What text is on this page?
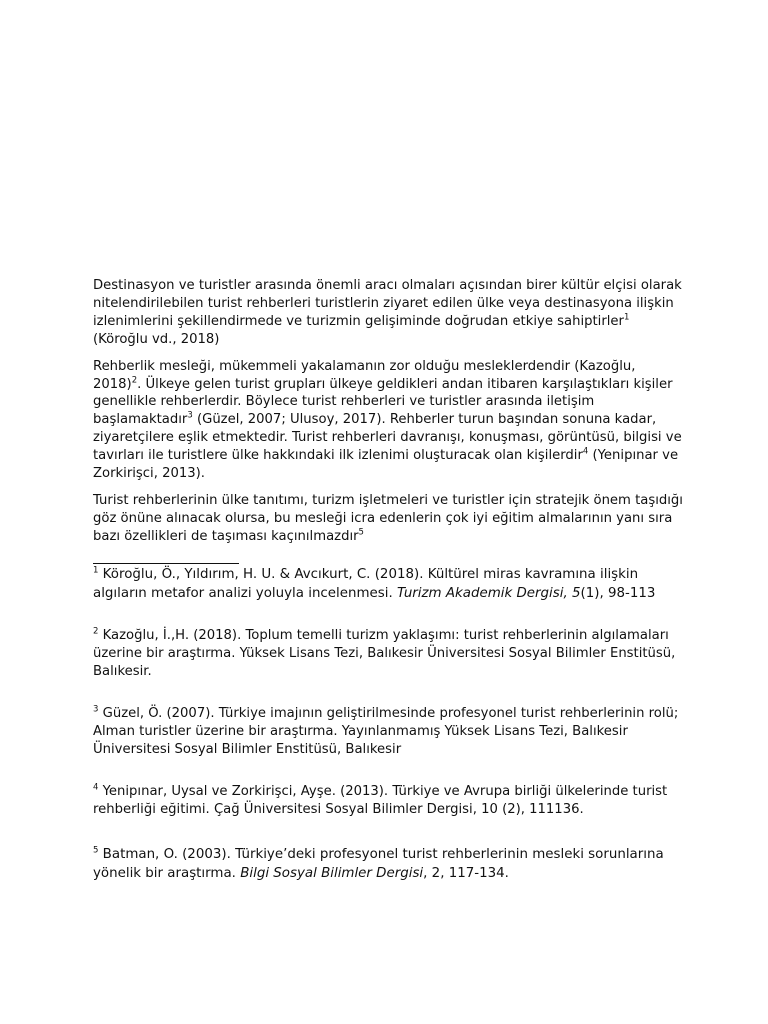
Destinasyon ve turistler arasında önemli aracı olmaları açısından birer kültür elçisi olarak nitelendirilebilen turist rehberleri turistlerin ziyaret edilen ülke veya destinasyona ilişkin izlenimlerini şekillendirmede ve turizmin gelişiminde doğrudan etkiye sahiptirler$^1$ (Köroğlu vd., 2018)

Rehberlik mesleği, mükemmeli yakalamanın zor olduğu mesleklerdendir (Kazoğlu, 2018)$^2$. Ülkeye gelen turist grupları ülkeye geldikleri andan itibaren karşılaştıkları kişiler genellikle rehberlerdir. Böylece turist rehberleri ve turistler arasında iletişim başlamaktadır$^3$ (Güzel, 2007; Ulusoy, 2017). Rehberler turun başından sonuna kadar, ziyaretçilere eşlik etmektedir. Turist rehberleri davranışı, konuşması, görüntüsü, bilgisi ve tavırları ile turistlere ülke hakkındaki ilk izlenimi oluşturacak olan kişilerdir$^4$ (Yenipınar ve Zorkirişci, 2013).

Turist rehberlerinin ülke tanıtımı, turizm işletmeleri ve turistler için stratejik önem taşıdığı göz önüne alınacak olursa, bu mesleği icra edenlerin çok iyi eğitim almalarının yanı sıra bazı özellikleri de taşıması kaçınılmazdır$^5$

$^1$ Köroğlu, Ö., Yıldırım, H. U. & Avcıkurt, C. (2018). Kültürel miras kavramına ilişkin algıların metafor analizi yoluyla incelenmesi. Turizm Akademik Dergisi, 5(1), 98-113

$^2$ Kazoğlu, İ.,H. (2018). Toplum temelli turizm yaklaşımı: turist rehberlerinin algılamaları üzerine bir araştırma. Yüksek Lisans Tezi, Balıkesir Üniversitesi Sosyal Bilimler Enstitüsü, Balıkesir.

$^3$ Güzel, Ö. (2007). Türkiye imajının geliştirilmesinde profesyonel turist rehberlerinin rolü; Alman turistler üzerine bir araştırma. Yayınlanmamış Yüksek Lisans Tezi, Balıkesir Üniversitesi Sosyal Bilimler Enstitüsü, Balıkesir

$^4$ Yenipınar, Uysal ve Zorkirişci, Ayşe. (2013). Türkiye ve Avrupa birliği ülkelerinde turist rehberliği eğitimi. Çağ Üniversitesi Sosyal Bilimler Dergisi, 10 (2), 111136.

$^5$ Batman, O. (2003). Türkiye’deki profesyonel turist rehberlerinin mesleki sorunlarına yönelik bir araştırma. Bilgi Sosyal Bilimler Dergisi, 2, 117-134.
